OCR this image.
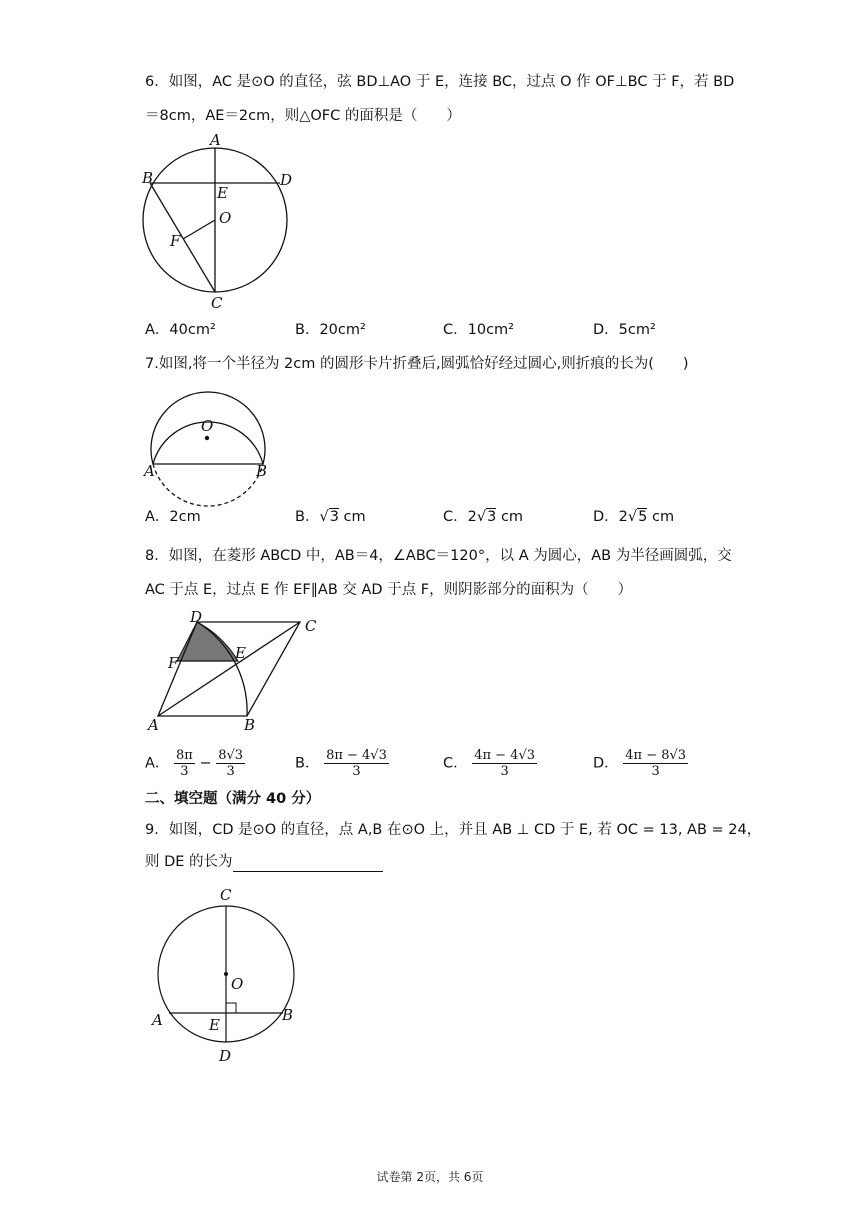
6．如图，AC 是⊙O 的直径，弦 BD⊥AO 于 E，连接 BC，过点 O 作 OF⊥BC 于 F，若 BD
＝8cm，AE＝2cm，则△OFC 的面积是（　　）
A
B	D
E
O
F
C
A．40cm²	B．20cm²	C．10cm²	D．5cm²
7.如图,将一个半径为 2cm 的圆形卡片折叠后,圆弧恰好经过圆心,则折痕的长为(　　)
O
A	B
A．2cm	B．√3 cm	C．2√3 cm	D．2√5 cm
8．如图，在菱形 ABCD 中，AB＝4，∠ABC＝120°，以 A 为圆心，AB 为半径画圆弧，交
AC 于点 E，过点 E 作 EF∥AB 交 AD 于点 F，则阴影部分的面积为（　　）
D	C
F
E
A	B
A． $\frac{8\pi}{3} - \frac{8√3}{3}$	B． $\frac{8\pi - 4√3}{3}$	C． $\frac{4\pi - 4√3}{3}$	D． $\frac{4\pi - 8√3}{3}$
二、填空题（满分 40 分）
9．如图，CD 是⊙O 的直径，点 A,B 在⊙O 上，并且 AB ⊥ CD 于 E, 若 OC = 13, AB = 24，
则 DE 的长为
C
O
A	E
B
D
试卷第 2页，共 6页
